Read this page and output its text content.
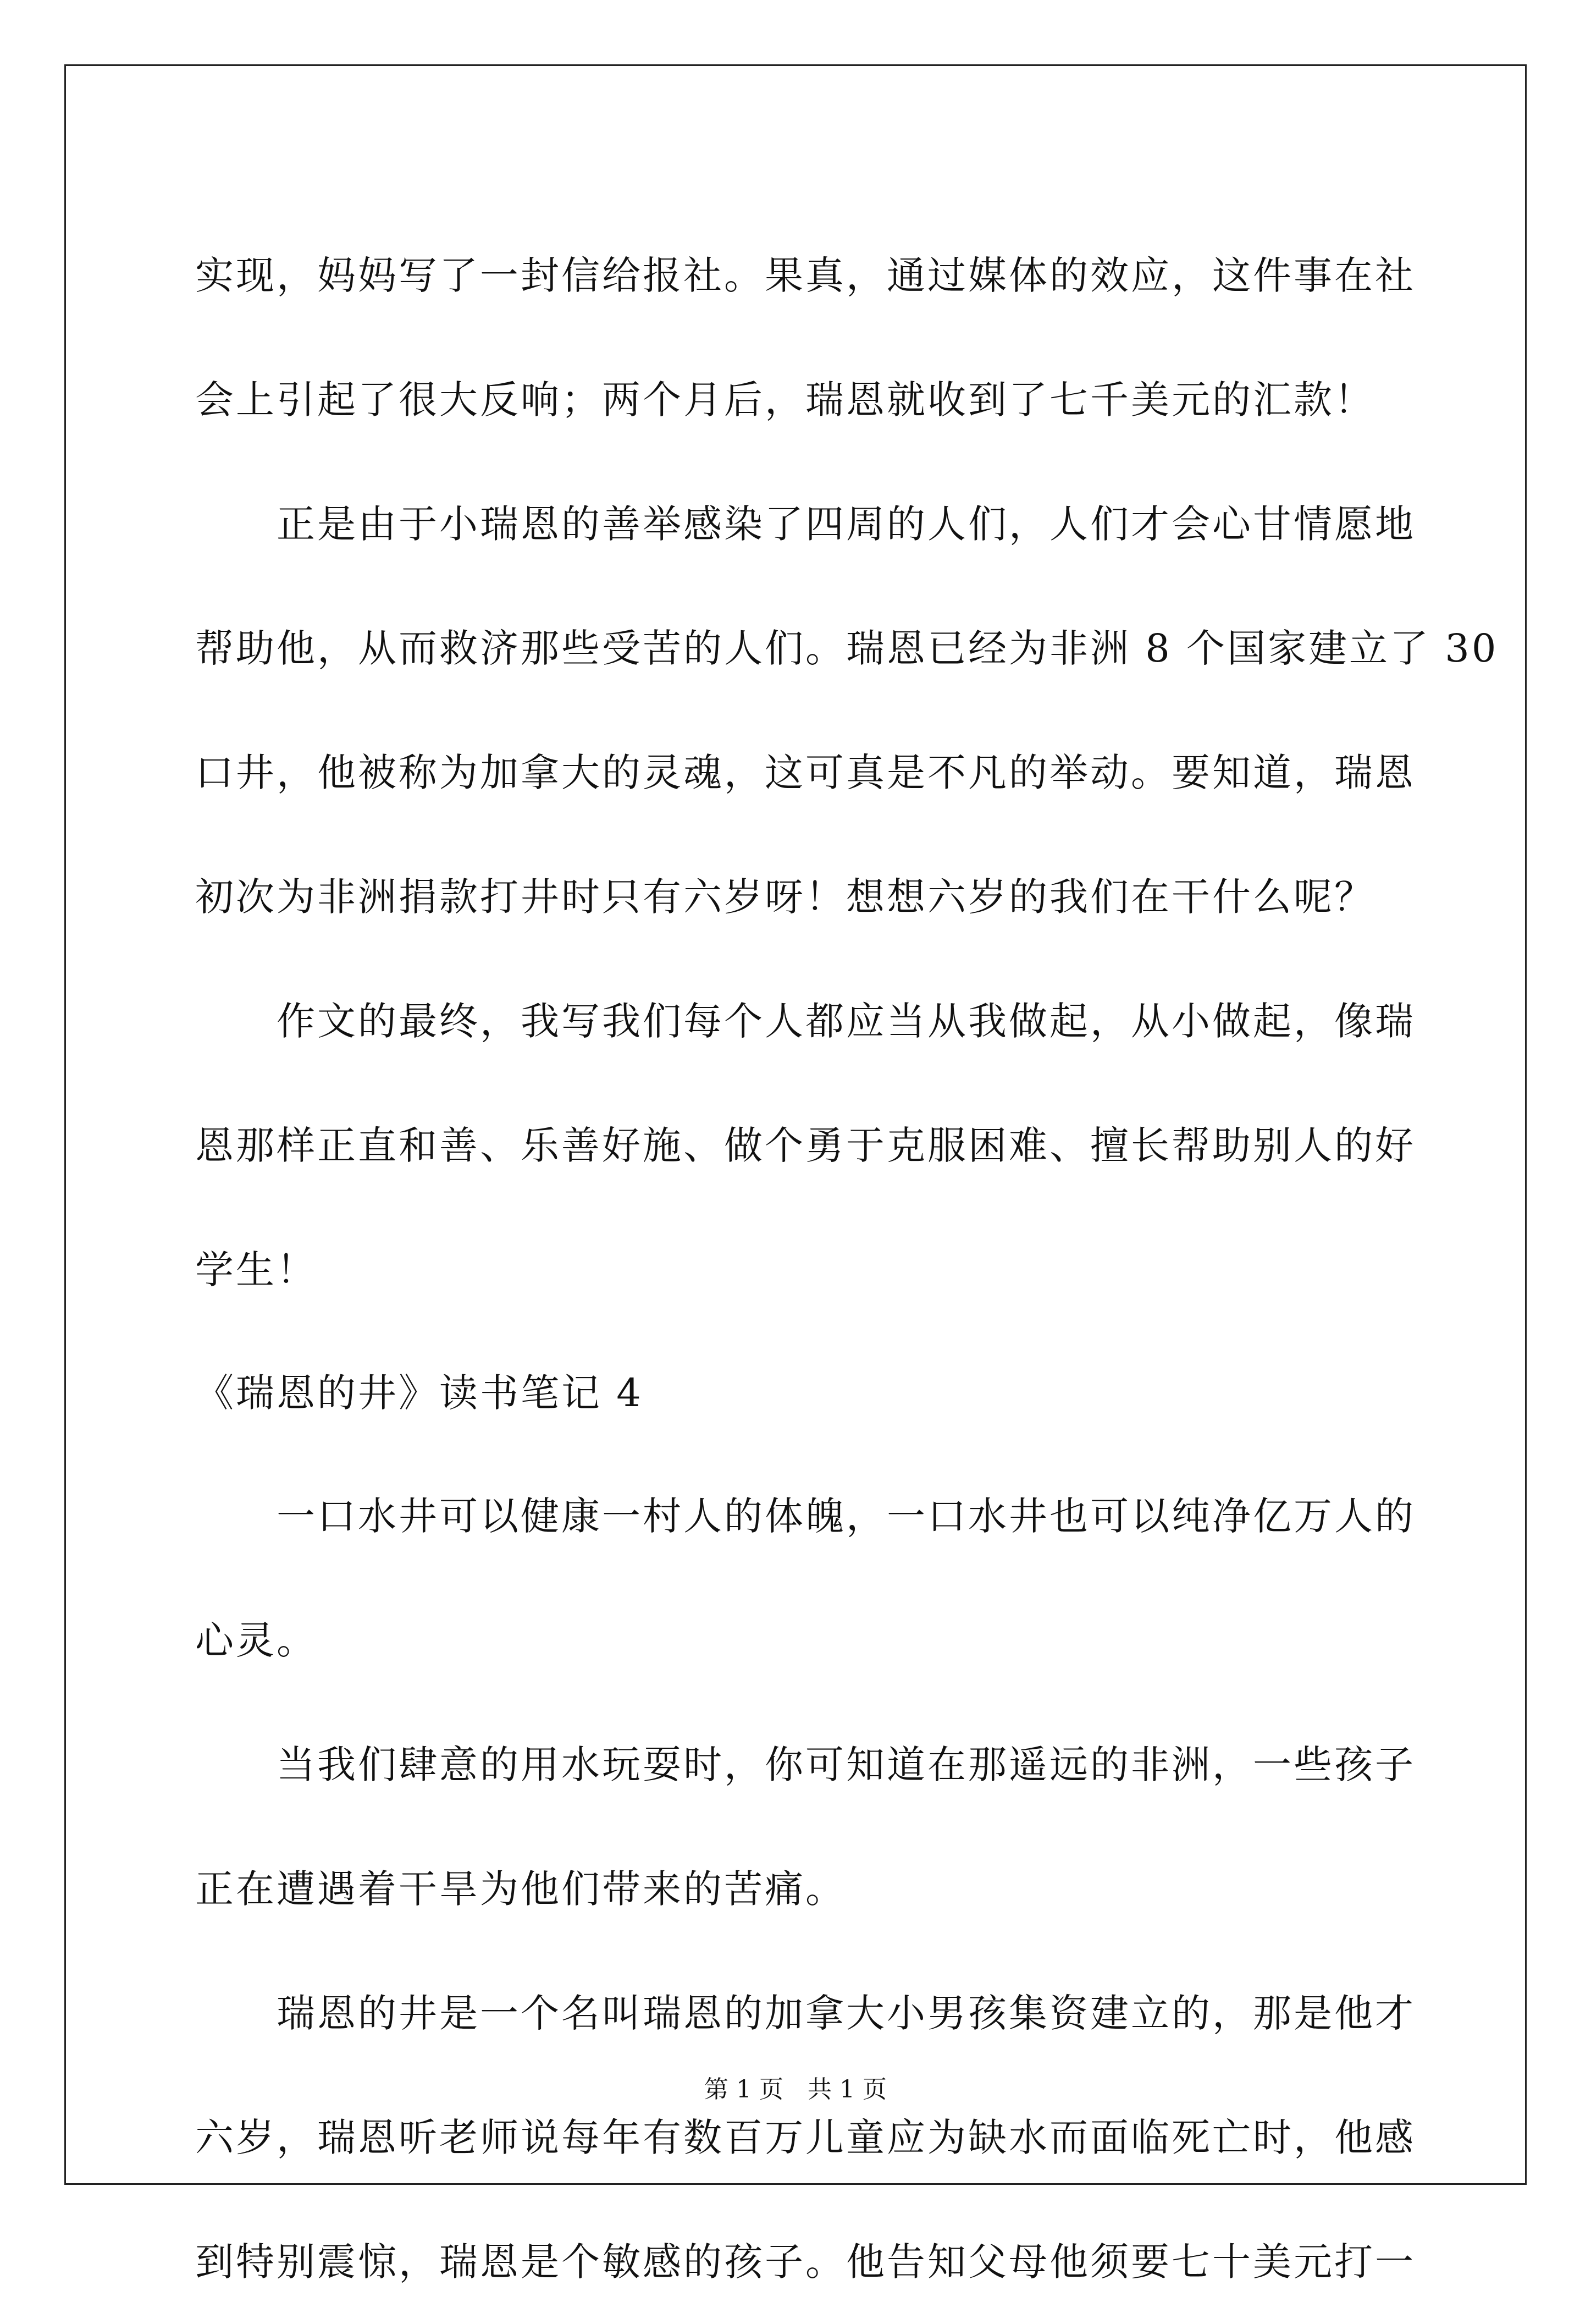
实现，妈妈写了一封信给报社。果真，通过媒体的效应，这件事在社
会上引起了很大反响；两个月后，瑞恩就收到了七千美元的汇款！
正是由于小瑞恩的善举感染了四周的人们，人们才会心甘情愿地
帮助他，从而救济那些受苦的人们。瑞恩已经为非洲 8 个国家建立了 30
口井，他被称为加拿大的灵魂，这可真是不凡的举动。要知道，瑞恩
初次为非洲捐款打井时只有六岁呀！想想六岁的我们在干什么呢？
作文的最终，我写我们每个人都应当从我做起，从小做起，像瑞
恩那样正直和善、乐善好施、做个勇于克服困难、擅长帮助别人的好
学生！
《瑞恩的井》读书笔记 4
一口水井可以健康一村人的体魄，一口水井也可以纯净亿万人的
心灵。
当我们肆意的用水玩耍时，你可知道在那遥远的非洲，一些孩子
正在遭遇着干旱为他们带来的苦痛。
瑞恩的井是一个名叫瑞恩的加拿大小男孩集资建立的，那是他才
六岁，瑞恩听老师说每年有数百万儿童应为缺水而面临死亡时，他感
到特别震惊，瑞恩是个敏感的孩子。他告知父母他须要七十美元打一
第 1 页　共 1 页
